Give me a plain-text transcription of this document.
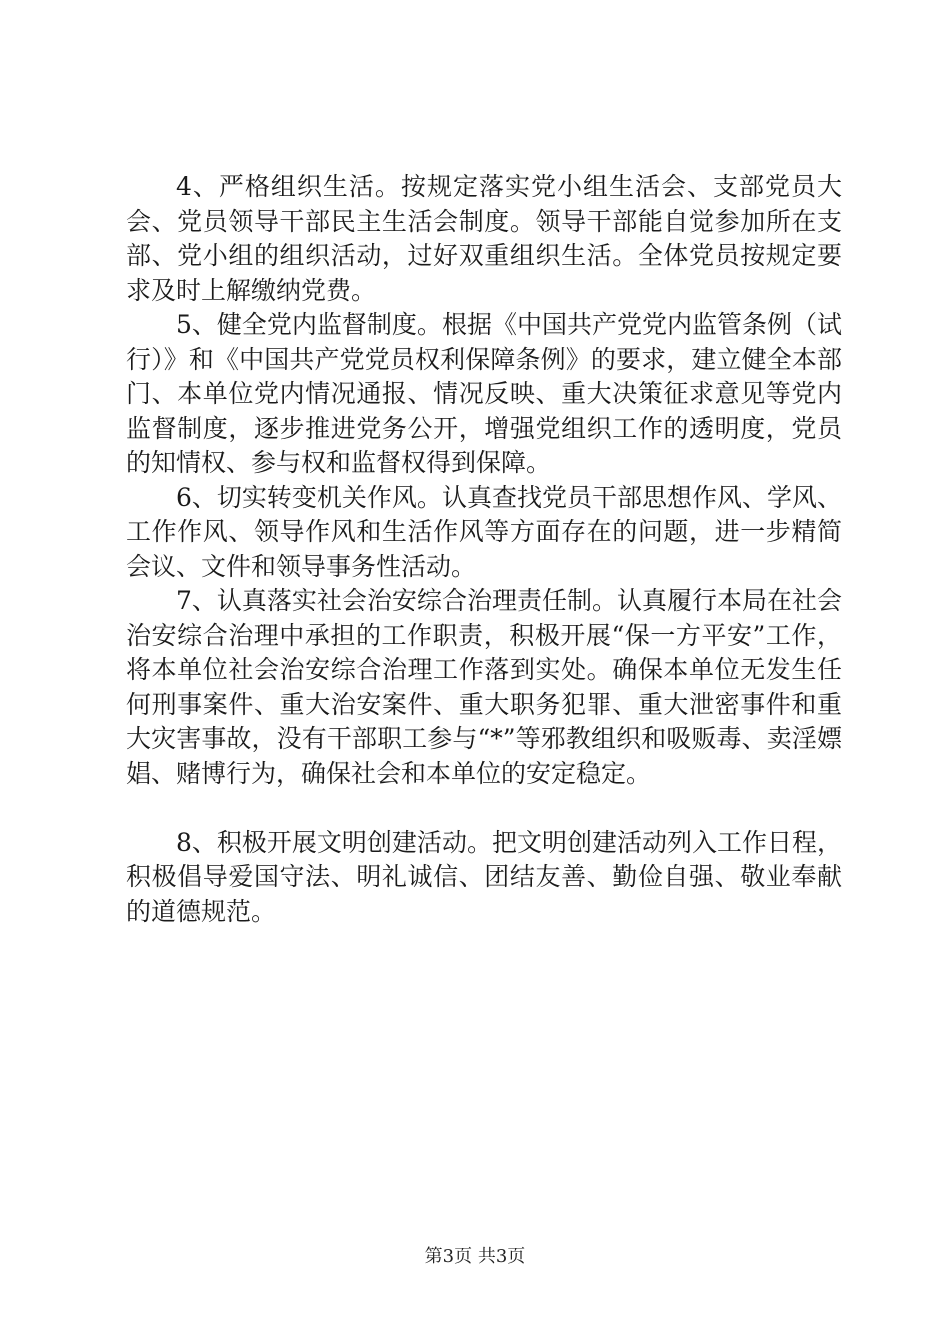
4、严格组织生活。按规定落实党小组生活会、支部党员大会、党员领导干部民主生活会制度。领导干部能自觉参加所在支部、党小组的组织活动，过好双重组织生活。全体党员按规定要求及时上解缴纳党费。

5、健全党内监督制度。根据《中国共产党党内监管条例（试行）》和《中国共产党党员权利保障条例》的要求，建立健全本部门、本单位党内情况通报、情况反映、重大决策征求意见等党内监督制度，逐步推进党务公开，增强党组织工作的透明度，党员的知情权、参与权和监督权得到保障。

6、切实转变机关作风。认真查找党员干部思想作风、学风、工作作风、领导作风和生活作风等方面存在的问题，进一步精简会议、文件和领导事务性活动。

7、认真落实社会治安综合治理责任制。认真履行本局在社会治安综合治理中承担的工作职责，积极开展“保一方平安”工作，将本单位社会治安综合治理工作落到实处。确保本单位无发生任何刑事案件、重大治安案件、重大职务犯罪、重大泄密事件和重大灾害事故，没有干部职工参与“*”等邪教组织和吸贩毒、卖淫嫖娼、赌博行为，确保社会和本单位的安定稳定。

8、积极开展文明创建活动。把文明创建活动列入工作日程，积极倡导爱国守法、明礼诚信、团结友善、勤俭自强、敬业奉献的道德规范。

第3页 共3页
